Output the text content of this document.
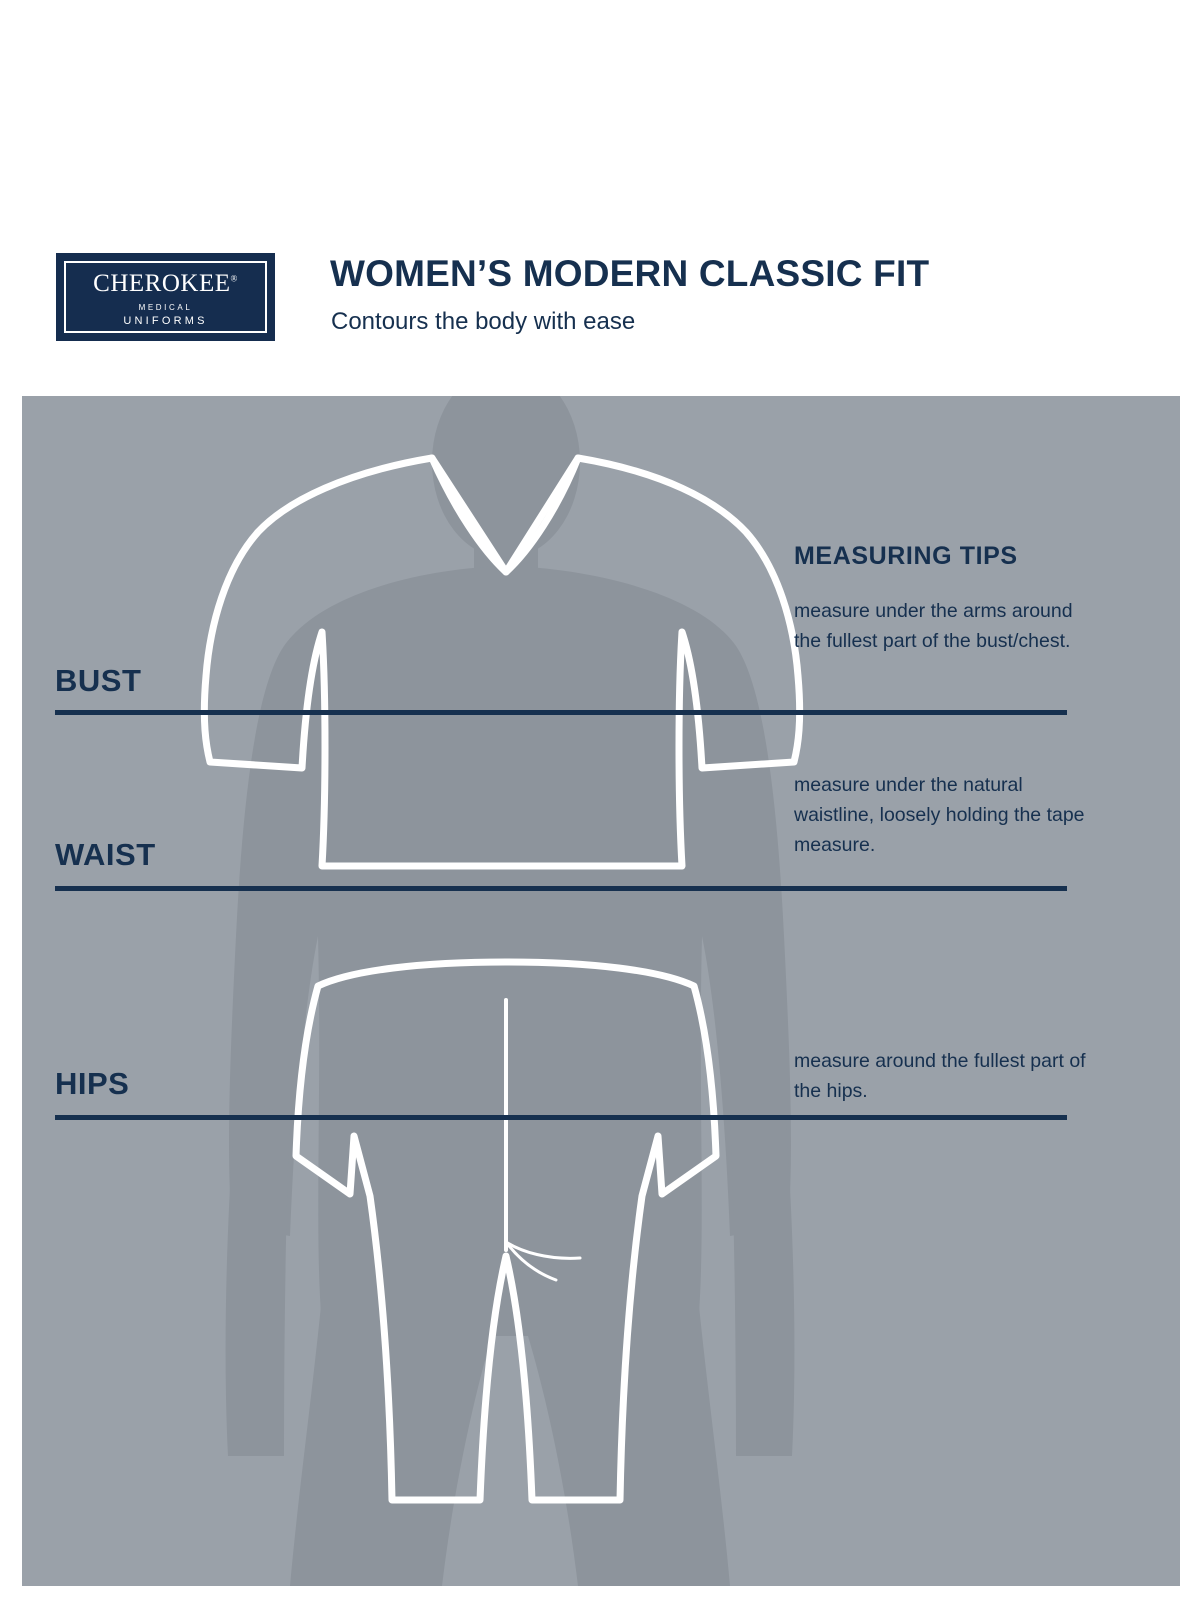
CHEROKEE®
MEDICAL
UNIFORMS
WOMEN’S MODERN CLASSIC FIT
Contours the body with ease
BUST
WAIST
HIPS
MEASURING TIPS
measure under the arms around the fullest part of the bust/chest.
measure under the natural waistline, loosely holding the tape measure.
measure around the fullest part of the hips.
